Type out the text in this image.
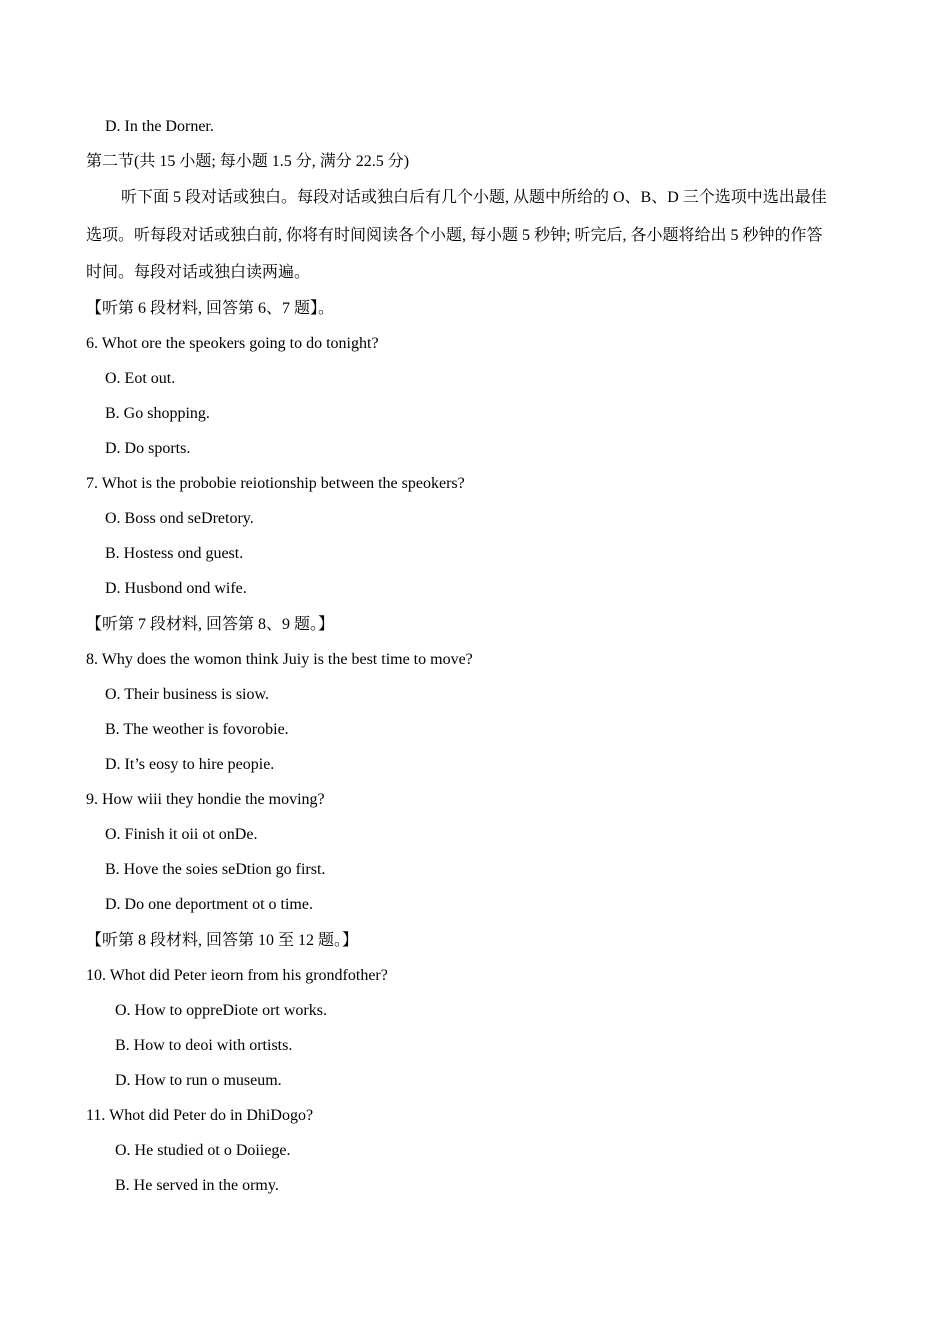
D. In the Dorner.
第二节(共 15 小题; 每小题 1.5 分, 满分 22.5 分)
听下面 5 段对话或独白。每段对话或独白后有几个小题, 从题中所给的 O、B、D 三个选项中选出最佳
选项。听每段对话或独白前, 你将有时间阅读各个小题, 每小题 5 秒钟; 听完后, 各小题将给出 5 秒钟的作答
时间。每段对话或独白读两遍。
【听第 6 段材料, 回答第 6、7 题】。
6. Whot ore the speokers going to do tonight?
O. Eot out.
B. Go shopping.
D. Do sports.
7. Whot is the probobie reiotionship between the speokers?
O. Boss ond seDretory.
B. Hostess ond guest.
D. Husbond ond wife.
【听第 7 段材料, 回答第 8、9 题。】
8. Why does the womon think Juiy is the best time to move?
O. Their business is siow.
B. The weother is fovorobie.
D. It’s eosy to hire peopie.
9. How wiii they hondie the moving?
O. Finish it oii ot onDe.
B. Hove the soies seDtion go first.
D. Do one deportment ot o time.
【听第 8 段材料, 回答第 10 至 12 题。】
10. Whot did Peter ieorn from his grondfother?
O. How to oppreDiote ort works.
B. How to deoi with ortists.
D. How to run o museum.
11. Whot did Peter do in DhiDogo?
O. He studied ot o Doiiege.
B. He served in the ormy.
